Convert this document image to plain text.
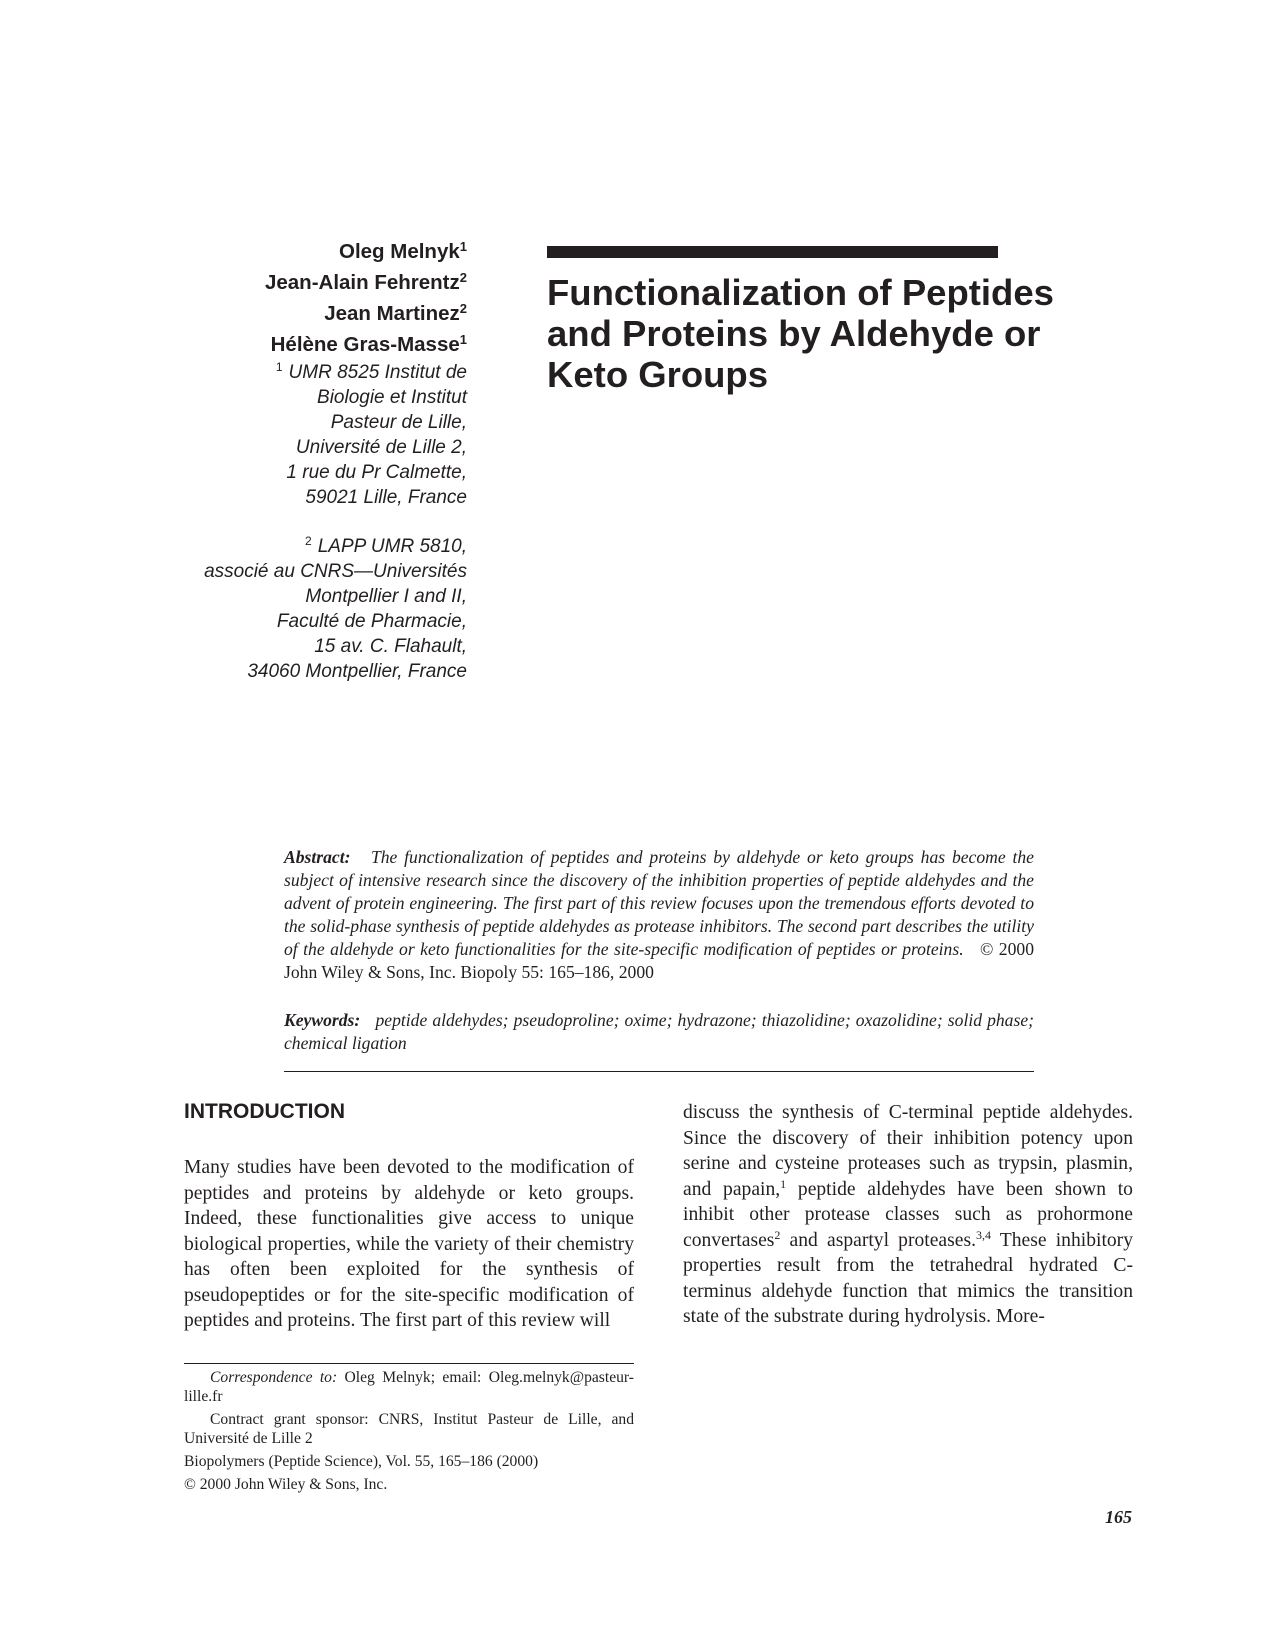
Oleg Melnyk$^1$
Jean-Alain Fehrentz$^2$
Jean Martinez$^2$
Hélène Gras-Masse$^1$
$^1$ UMR 8525 Institut de
Biologie et Institut
Pasteur de Lille,
Université de Lille 2,
1 rue du Pr Calmette,
59021 Lille, France
$^2$ LAPP UMR 5810,
associé au CNRS—Universités
Montpellier I and II,
Faculté de Pharmacie,
15 av. C. Flahault,
34060 Montpellier, France
Functionalization of Peptides and Proteins by Aldehyde or Keto Groups

Abstract: The functionalization of peptides and proteins by aldehyde or keto groups has become the subject of intensive research since the discovery of the inhibition properties of peptide aldehydes and the advent of protein engineering. The first part of this review focuses upon the tremendous efforts devoted to the solid-phase synthesis of peptide aldehydes as protease inhibitors. The second part describes the utility of the aldehyde or keto functionalities for the site-specific modification of peptides or proteins. © 2000 John Wiley & Sons, Inc. Biopoly 55: 165–186, 2000

Keywords: peptide aldehydes; pseudoproline; oxime; hydrazone; thiazolidine; oxazolidine; solid phase; chemical ligation

INTRODUCTION

Many studies have been devoted to the modification of peptides and proteins by aldehyde or keto groups. Indeed, these functionalities give access to unique biological properties, while the variety of their chemistry has often been exploited for the synthesis of pseudopeptides or for the site-specific modification of peptides and proteins. The first part of this review will

discuss the synthesis of C-terminal peptide aldehydes. Since the discovery of their inhibition potency upon serine and cysteine proteases such as trypsin, plasmin, and papain,$^1$ peptide aldehydes have been shown to inhibit other protease classes such as prohormone convertases$^2$ and aspartyl proteases.$^{3,4}$ These inhibitory properties result from the tetrahedral hydrated C-terminus aldehyde function that mimics the transition state of the substrate during hydrolysis. More-

Correspondence to: Oleg Melnyk; email: Oleg.melnyk@pasteur-lille.fr

Contract grant sponsor: CNRS, Institut Pasteur de Lille, and Université de Lille 2

Biopolymers (Peptide Science), Vol. 55, 165–186 (2000)

© 2000 John Wiley & Sons, Inc.

165
